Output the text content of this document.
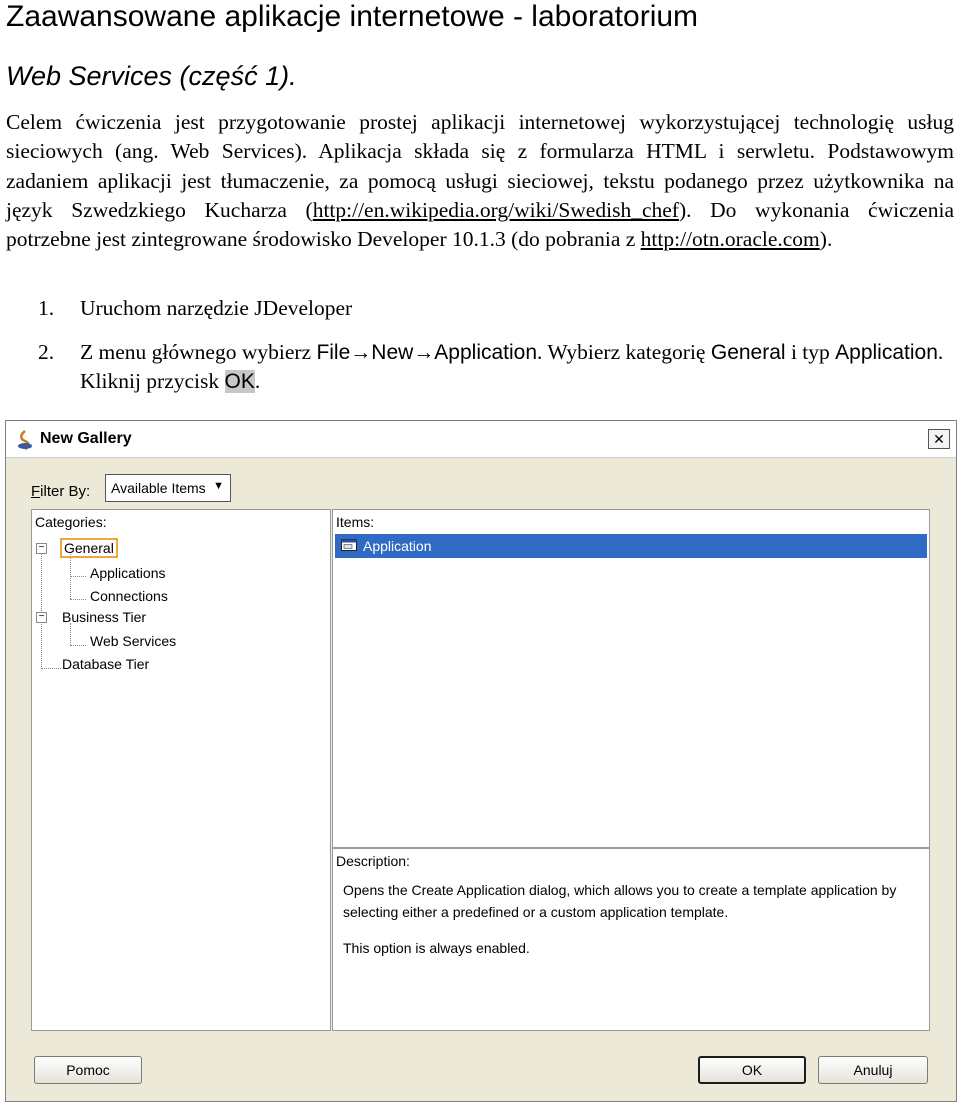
Zaawansowane aplikacje internetowe - laboratorium
Web Services (część 1).
Celem ćwiczenia jest przygotowanie prostej aplikacji internetowej wykorzystującej technologię usług sieciowych (ang. Web Services). Aplikacja składa się z formularza HTML i serwletu. Podstawowym zadaniem aplikacji jest tłumaczenie, za pomocą usługi sieciowej, tekstu podanego przez użytkownika na język Szwedzkiego Kucharza (http://en.wikipedia.org/wiki/Swedish_chef). Do wykonania ćwiczenia potrzebne jest zintegrowane środowisko Developer 10.1.3 (do pobrania z http://otn.oracle.com).
1. Uruchom narzędzie JDeveloper
2. Z menu głównego wybierz File→New→Application. Wybierz kategorię General i typ Application. Kliknij przycisk OK.
New Gallery	✕
Filter By:	Available Items ▼
Categories:
− General
Applications
Connections
− Business Tier
Web Services
Database Tier
Items:
Application
Description:
Opens the Create Application dialog, which allows you to create a template application by selecting either a predefined or a custom application template.
This option is always enabled.
Pomoc	OK	Anuluj
